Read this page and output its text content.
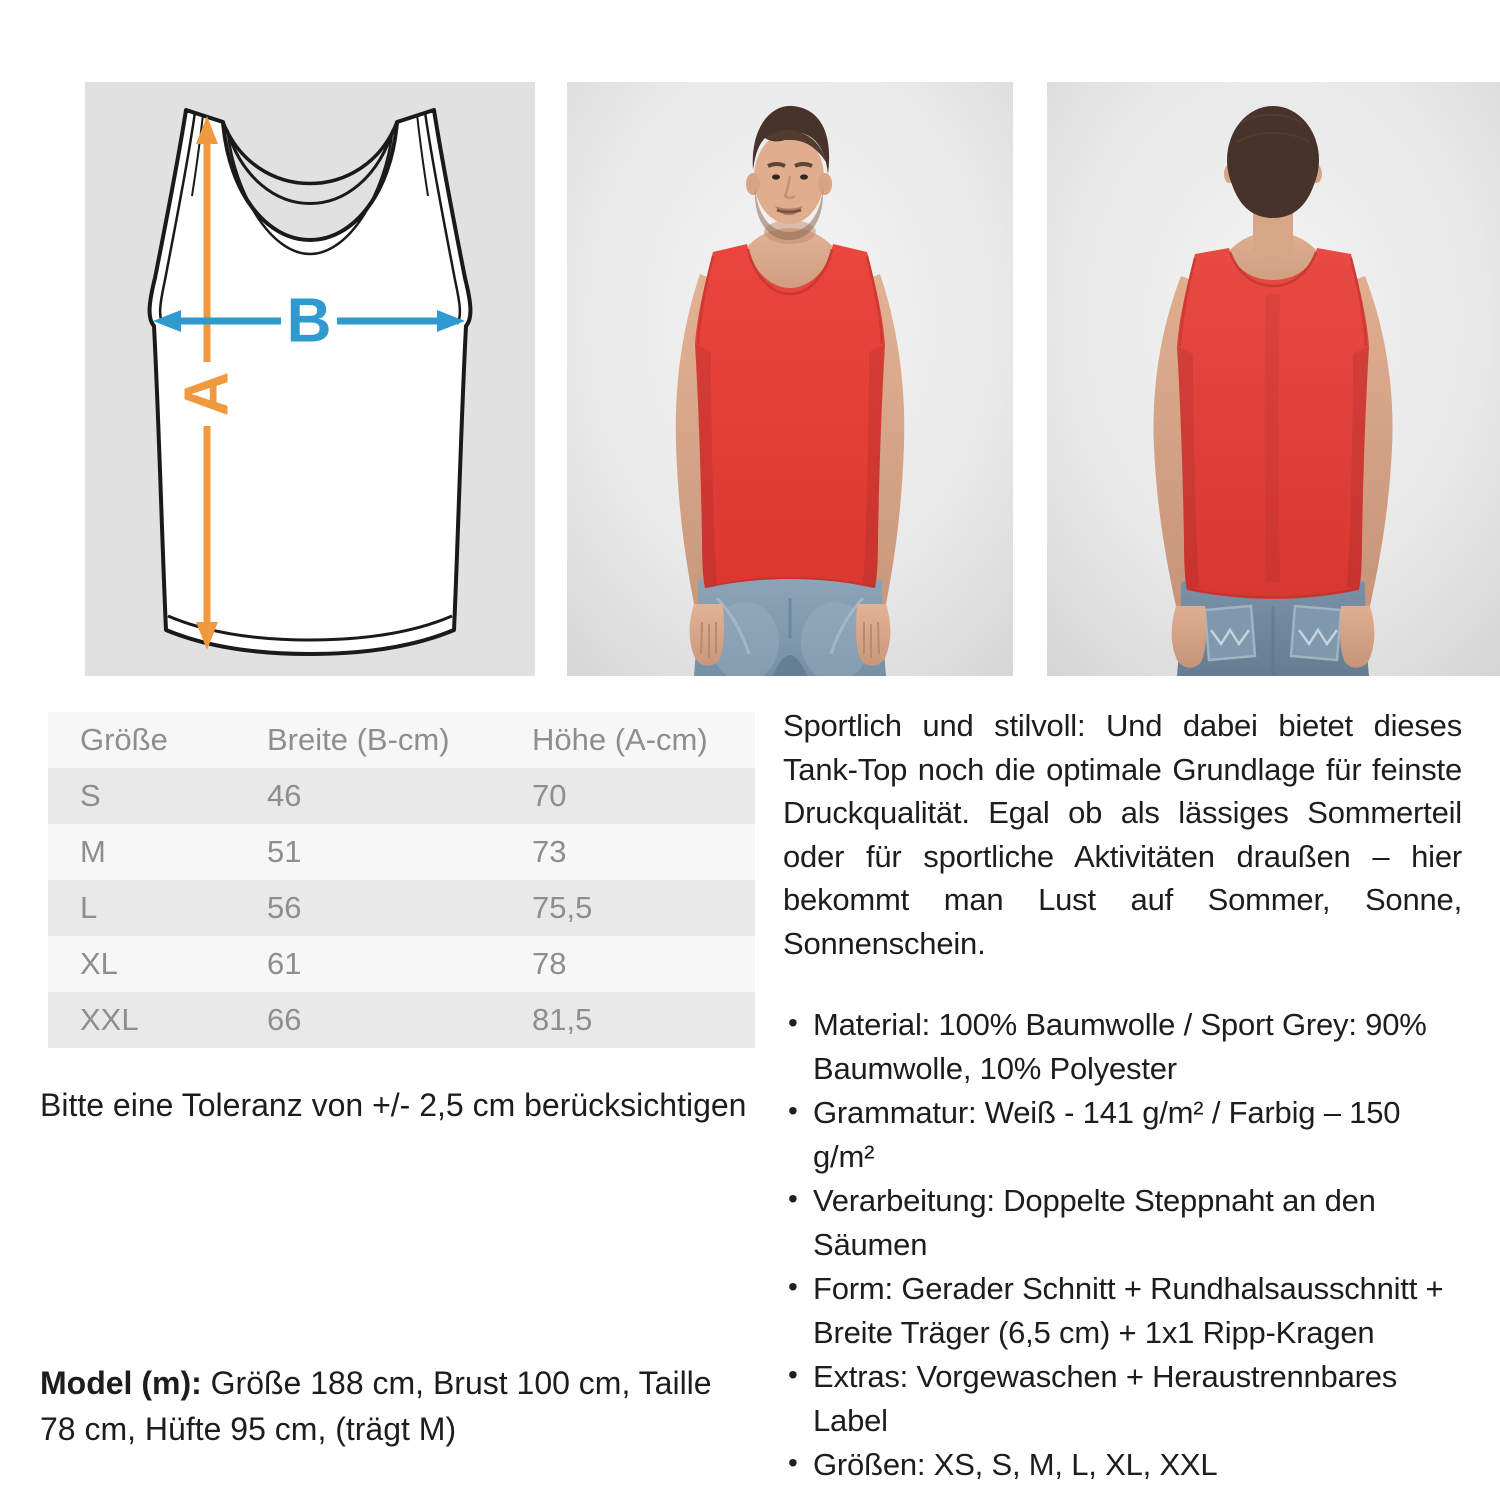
A
B
Größe	Breite (B-cm)	Höhe (A-cm)
S	46	70
M	51	73
L	56	75,5
XL	61	78
XXL	66	81,5

Bitte eine Toleranz von +/- 2,5 cm berücksichtigen

Model (m): Größe 188 cm, Brust 100 cm, Taille 78 cm, Hüfte 95 cm, (trägt M)

Sportlich und stilvoll: Und dabei bietet dieses Tank-Top noch die optimale Grundlage für feinste Druckqualität. Egal ob als lässiges Sommerteil oder für sportliche Aktivitäten draußen – hier bekommt man Lust auf Sommer, Sonne, Sonnenschein.

• Material: 100% Baumwolle / Sport Grey: 90% Baumwolle, 10% Polyester
• Grammatur: Weiß - 141 g/m² / Farbig – 150 g/m²
• Verarbeitung: Doppelte Steppnaht an den Säumen
• Form: Gerader Schnitt + Rundhalsausschnitt + Breite Träger (6,5 cm) + 1x1 Ripp-Kragen
• Extras: Vorgewaschen + Heraustrennbares Label
• Größen: XS, S, M, L, XL, XXL
